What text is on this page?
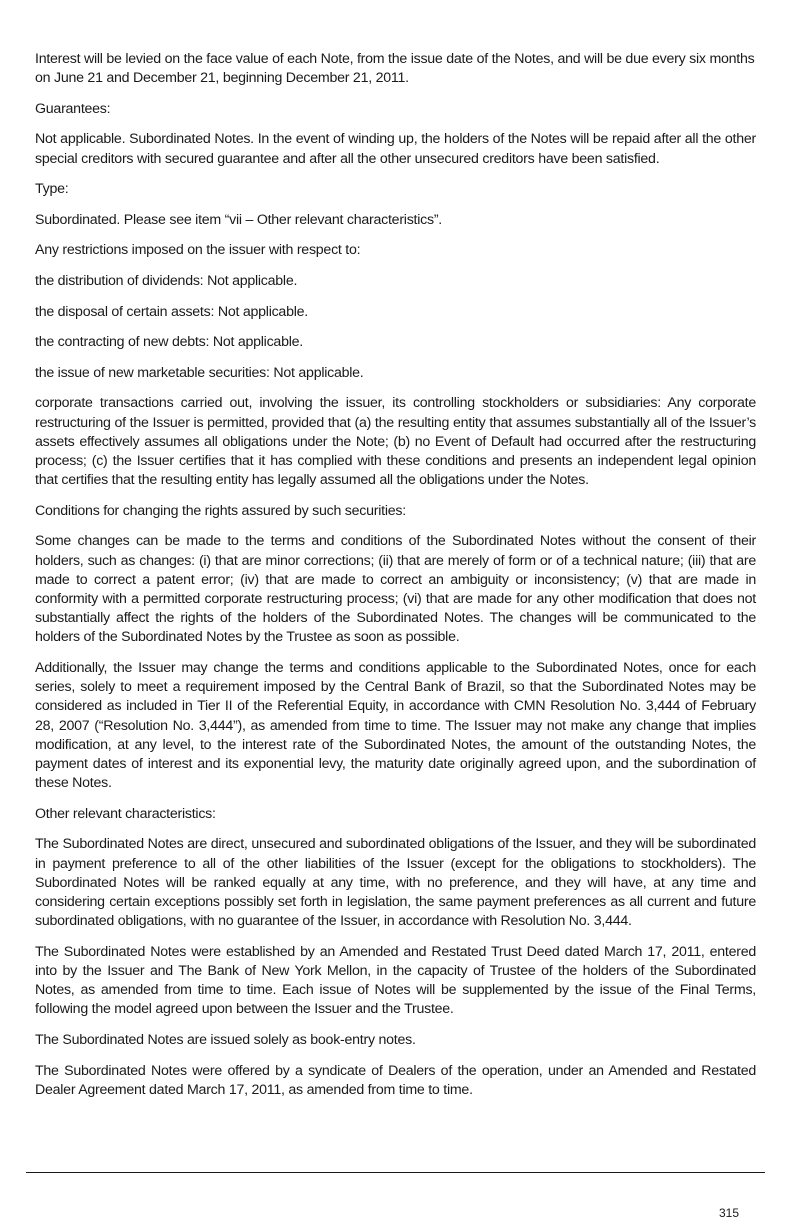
Interest will be levied on the face value of each Note, from the issue date of the Notes, and will be due every six months on June 21 and December 21, beginning December 21, 2011.

Guarantees:

Not applicable. Subordinated Notes. In the event of winding up, the holders of the Notes will be repaid after all the other special creditors with secured guarantee and after all the other unsecured creditors have been satisfied.

Type:

Subordinated. Please see item “vii – Other relevant characteristics”.

Any restrictions imposed on the issuer with respect to:

the distribution of dividends: Not applicable.

the disposal of certain assets: Not applicable.

the contracting of new debts: Not applicable.

the issue of new marketable securities: Not applicable.

corporate transactions carried out, involving the issuer, its controlling stockholders or subsidiaries: Any corporate restructuring of the Issuer is permitted, provided that (a) the resulting entity that assumes substantially all of the Issuer’s assets effectively assumes all obligations under the Note; (b) no Event of Default had occurred after the restructuring process; (c) the Issuer certifies that it has complied with these conditions and presents an independent legal opinion that certifies that the resulting entity has legally assumed all the obligations under the Notes.

Conditions for changing the rights assured by such securities:

Some changes can be made to the terms and conditions of the Subordinated Notes without the consent of their holders, such as changes: (i) that are minor corrections; (ii) that are merely of form or of a technical nature; (iii) that are made to correct a patent error; (iv) that are made to correct an ambiguity or inconsistency; (v) that are made in conformity with a permitted corporate restructuring process; (vi) that are made for any other modification that does not substantially affect the rights of the holders of the Subordinated Notes. The changes will be communicated to the holders of the Subordinated Notes by the Trustee as soon as possible.

Additionally, the Issuer may change the terms and conditions applicable to the Subordinated Notes, once for each series, solely to meet a requirement imposed by the Central Bank of Brazil, so that the Subordinated Notes may be considered as included in Tier II of the Referential Equity, in accordance with CMN Resolution No. 3,444 of February 28, 2007 (“Resolution No. 3,444”), as amended from time to time. The Issuer may not make any change that implies modification, at any level, to the interest rate of the Subordinated Notes, the amount of the outstanding Notes, the payment dates of interest and its exponential levy, the maturity date originally agreed upon, and the subordination of these Notes.

Other relevant characteristics:

The Subordinated Notes are direct, unsecured and subordinated obligations of the Issuer, and they will be subordinated in payment preference to all of the other liabilities of the Issuer (except for the obligations to stockholders). The Subordinated Notes will be ranked equally at any time, with no preference, and they will have, at any time and considering certain exceptions possibly set forth in legislation, the same payment preferences as all current and future subordinated obligations, with no guarantee of the Issuer, in accordance with Resolution No. 3,444.

The Subordinated Notes were established by an Amended and Restated Trust Deed dated March 17, 2011, entered into by the Issuer and The Bank of New York Mellon, in the capacity of Trustee of the holders of the Subordinated Notes, as amended from time to time. Each issue of Notes will be supplemented by the issue of the Final Terms, following the model agreed upon between the Issuer and the Trustee.

The Subordinated Notes are issued solely as book-entry notes.

The Subordinated Notes were offered by a syndicate of Dealers of the operation, under an Amended and Restated Dealer Agreement dated March 17, 2011, as amended from time to time.

315
